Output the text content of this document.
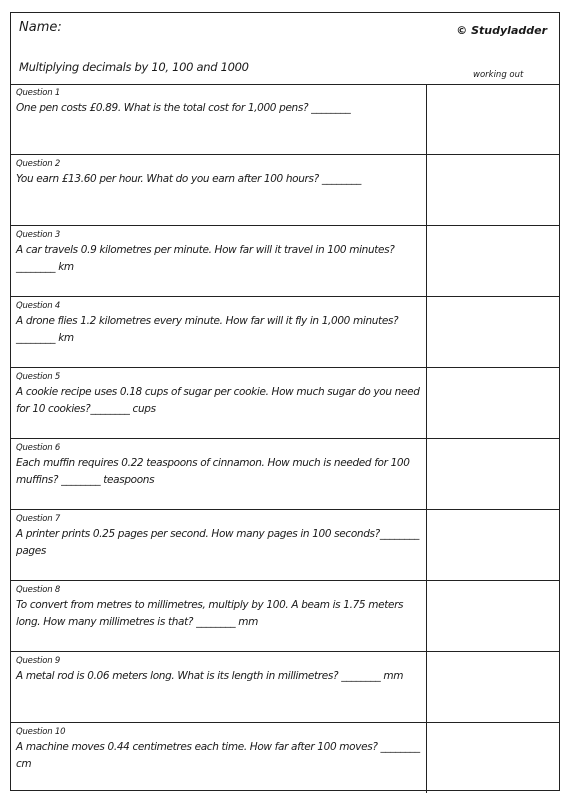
Name:	© Studyladder
Multiplying decimals by 10, 100 and 1000
working out
Question 1
One pen costs £0.89. What is the total cost for 1,000 pens? ________
Question 2
You earn £13.60 per hour. What do you earn after 100 hours? ________
Question 3
A car travels 0.9 kilometres per minute. How far will it travel in 100 minutes?________ km
Question 4
A drone flies 1.2 kilometres every minute. How far will it fly in 1,000 minutes? ________ km
Question 5
A cookie recipe uses 0.18 cups of sugar per cookie. How much sugar do you need for 10 cookies?________ cups
Question 6
Each muffin requires 0.22 teaspoons of cinnamon. How much is needed for 100 muffins? ________ teaspoons
Question 7
A printer prints 0.25 pages per second. How many pages in 100 seconds?________ pages
Question 8
To convert from metres to millimetres, multiply by 100. A beam is 1.75 meters long. How many millimetres is that? ________ mm
Question 9
A metal rod is 0.06 meters long. What is its length in millimetres? ________ mm
Question 10
A machine moves 0.44 centimetres each time. How far after 100 moves? ________ cm
